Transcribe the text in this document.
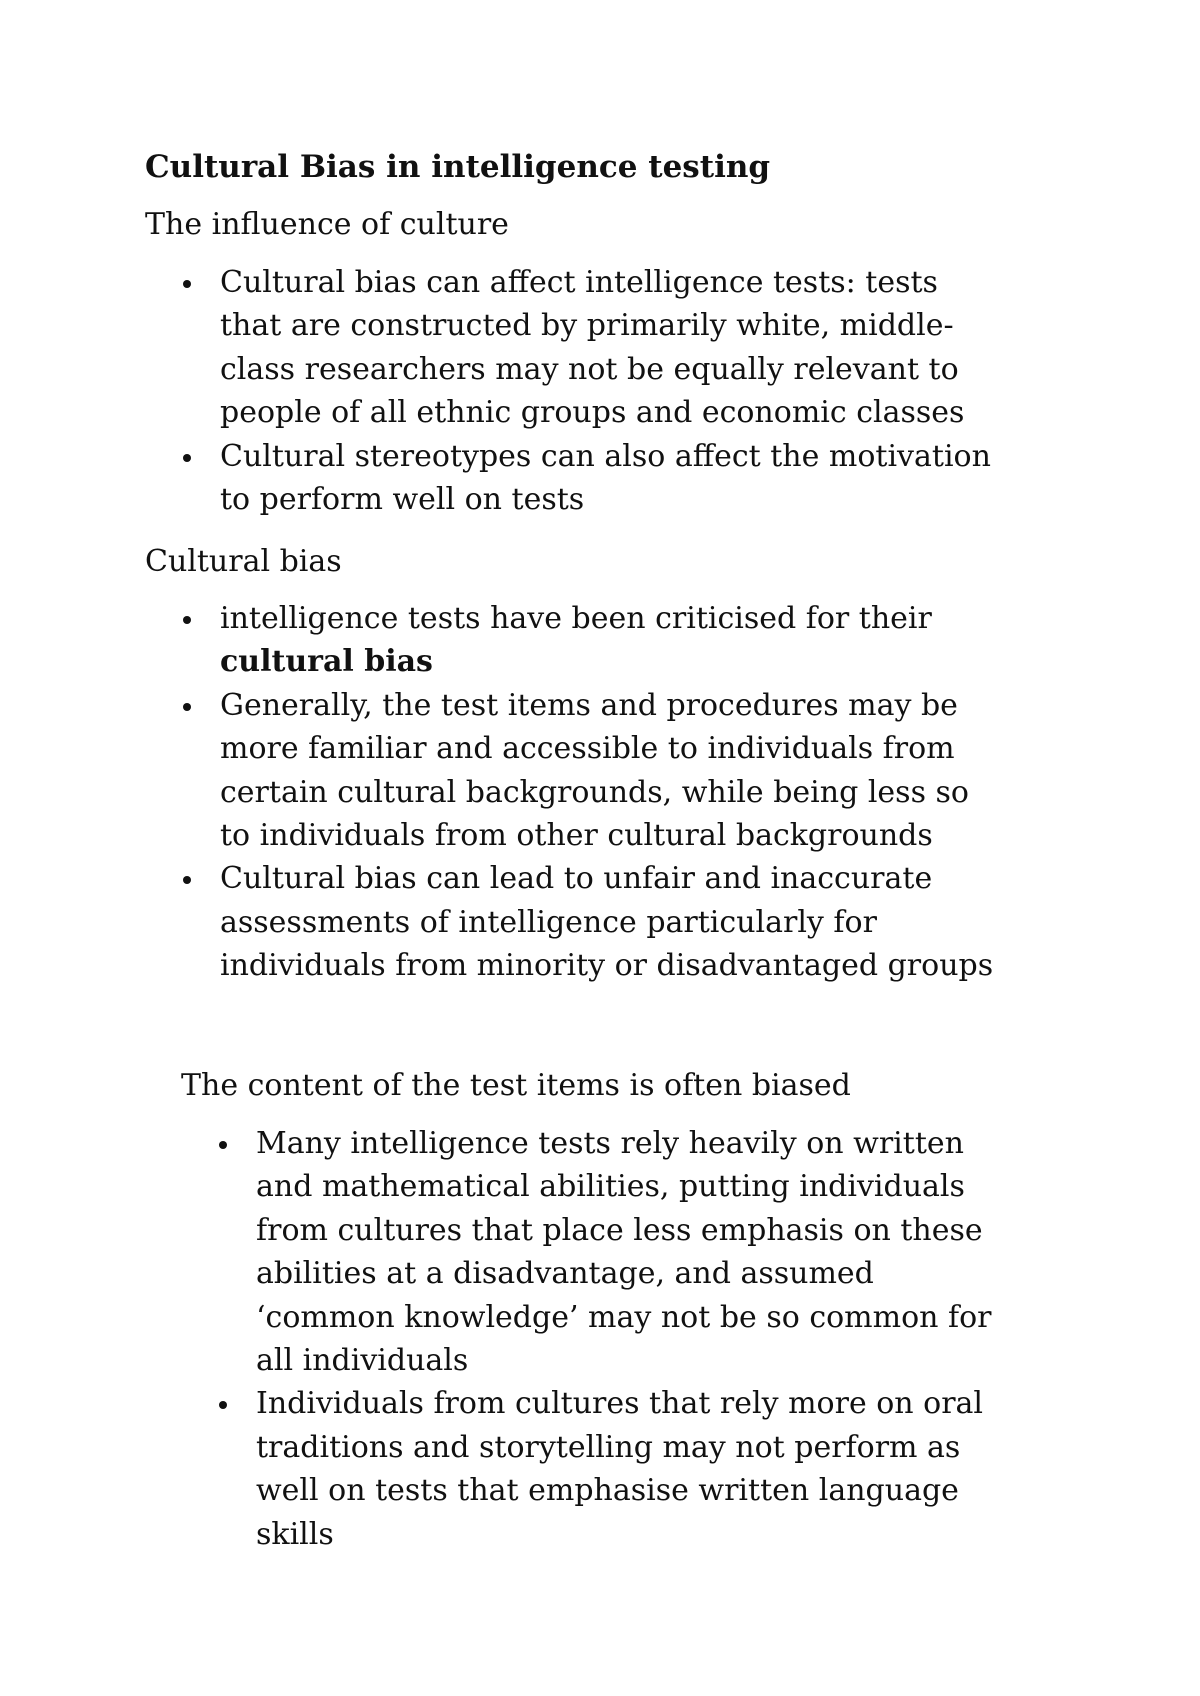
Cultural Bias in intelligence testing

The influence of culture

Cultural bias can affect intelligence tests: tests
that are constructed by primarily white, middle-
class researchers may not be equally relevant to
people of all ethnic groups and economic classes
Cultural stereotypes can also affect the motivation
to perform well on tests

Cultural bias

intelligence tests have been criticised for their
cultural bias
Generally, the test items and procedures may be
more familiar and accessible to individuals from
certain cultural backgrounds, while being less so
to individuals from other cultural backgrounds
Cultural bias can lead to unfair and inaccurate
assessments of intelligence particularly for
individuals from minority or disadvantaged groups

The content of the test items is often biased

Many intelligence tests rely heavily on written
and mathematical abilities, putting individuals
from cultures that place less emphasis on these
abilities at a disadvantage, and assumed
‘common knowledge’ may not be so common for
all individuals
Individuals from cultures that rely more on oral
traditions and storytelling may not perform as
well on tests that emphasise written language
skills
